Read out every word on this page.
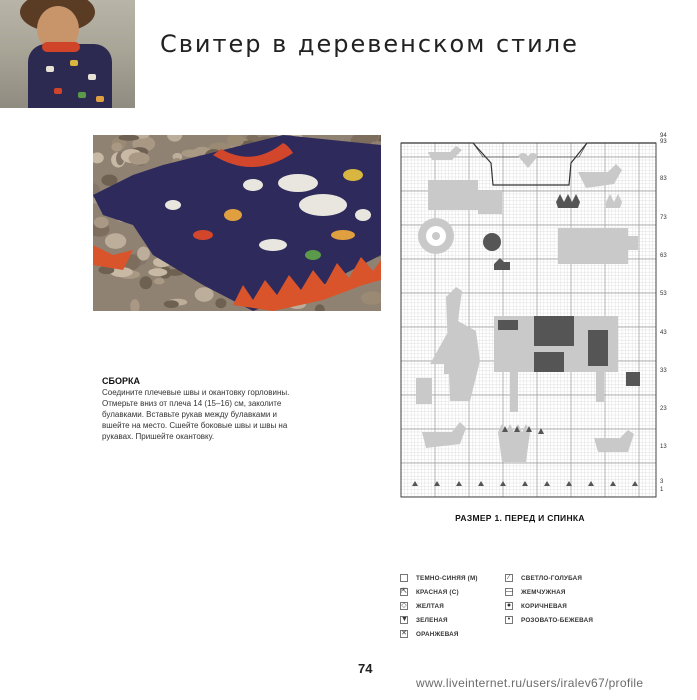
Свитер в деревенском стиле
СБОРКА
Соедините плечевые швы и окантовку горловины. Отмерьте вниз от плеча 14 (15–16) см, заколите булавками. Вставьте рукав между булавками и вшейте на место. Сшейте боковые швы и швы на рукавах. Пришейте окантовку.
94
93
83
73
63
53
43
33
23
13
3
1
РАЗМЕР 1. ПЕРЕД И СПИНКА
ТЕМНО-СИНЯЯ (М)
⇱ КРАСНАЯ (С)
◇ ЖЕЛТАЯ
▼ ЗЕЛЕНАЯ
✕ ОРАНЖЕВАЯ
∕	СВЕТЛО-ГОЛУБАЯ
— ЖЕМЧУЖНАЯ
●	КОРИЧНЕВАЯ
•	РОЗОВАТО-БЕЖЕВАЯ
74
www.liveinternet.ru/users/iralev67/profile
